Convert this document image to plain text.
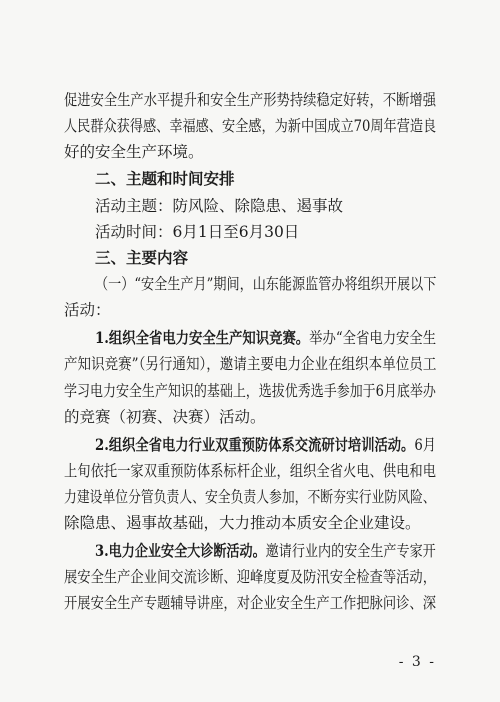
促进安全生产水平提升和安全生产形势持续稳定好转，不断增强
人民群众获得感、幸福感、安全感，为新中国成立70周年营造良
好的安全生产环境。
二、主题和时间安排
活动主题：防风险、除隐患、遏事故
活动时间：6月1日至6月30日
三、主要内容
（一）“安全生产月”期间，山东能源监管办将组织开展以下
活动：
1.组织全省电力安全生产知识竞赛。举办“全省电力安全生
产知识竞赛”（另行通知），邀请主要电力企业在组织本单位员工
学习电力安全生产知识的基础上，选拔优秀选手参加于6月底举办
的竞赛（初赛、决赛）活动。
2.组织全省电力行业双重预防体系交流研讨培训活动。6月
上旬依托一家双重预防体系标杆企业，组织全省火电、供电和电
力建设单位分管负责人、安全负责人参加，不断夯实行业防风险、
除隐患、遏事故基础，大力推动本质安全企业建设。
3.电力企业安全大诊断活动。邀请行业内的安全生产专家开
展安全生产企业间交流诊断、迎峰度夏及防汛安全检查等活动，
开展安全生产专题辅导讲座，对企业安全生产工作把脉问诊、深
- 3 -
